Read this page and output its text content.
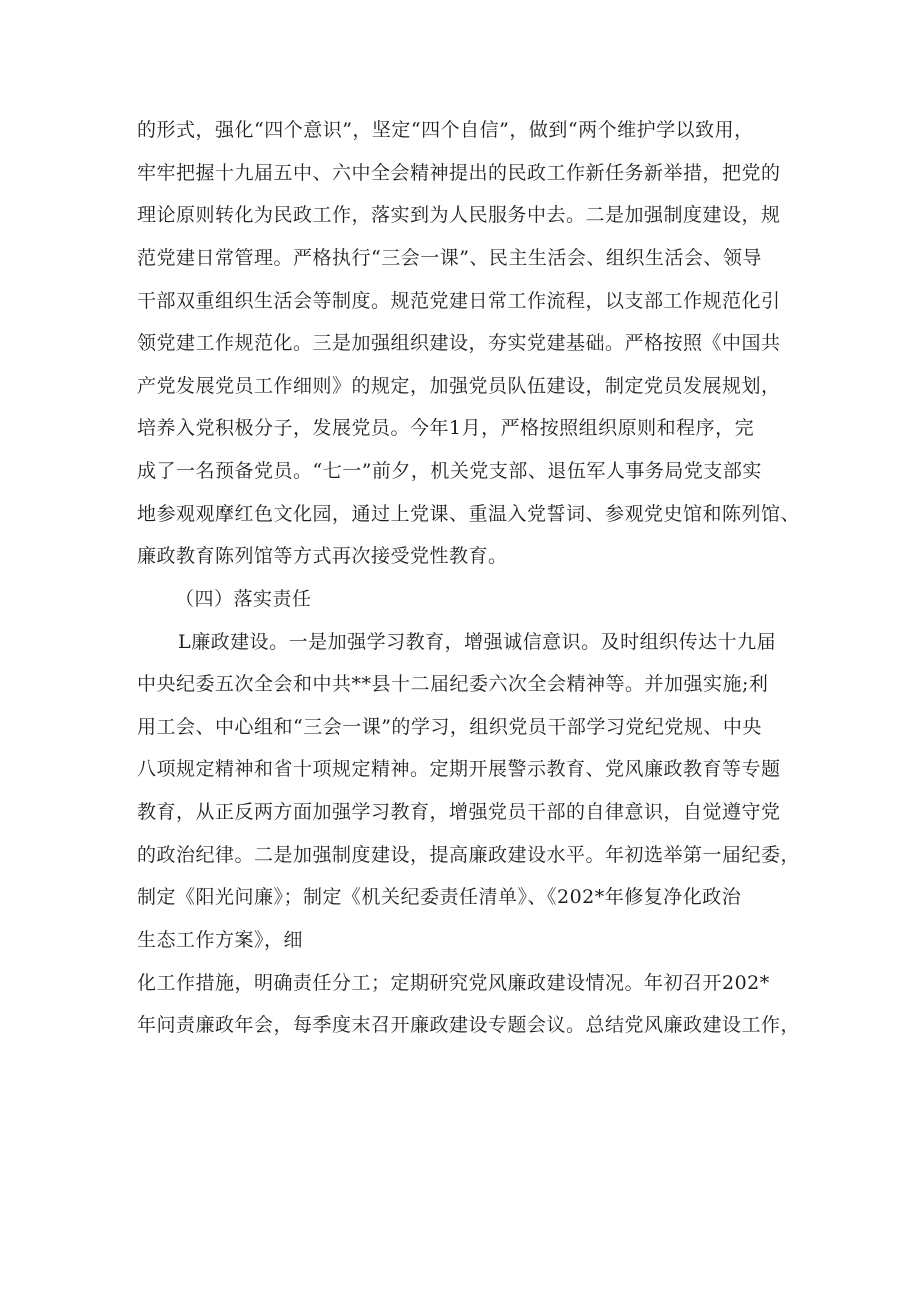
的形式，强化“四个意识”，坚定“四个自信”，做到“两个维护学以致用，
牢牢把握十九届五中、六中全会精神提出的民政工作新任务新举措，把党的
理论原则转化为民政工作，落实到为人民服务中去。二是加强制度建设，规
范党建日常管理。严格执行“三会一课”、民主生活会、组织生活会、领导
干部双重组织生活会等制度。规范党建日常工作流程，以支部工作规范化引
领党建工作规范化。三是加强组织建设，夯实党建基础。严格按照《中国共
产党发展党员工作细则》的规定，加强党员队伍建设，制定党员发展规划，
培养入党积极分子，发展党员。今年1月，严格按照组织原则和程序，完
成了一名预备党员。“七一”前夕，机关党支部、退伍军人事务局党支部实
地参观观摩红色文化园，通过上党课、重温入党誓词、参观党史馆和陈列馆、
廉政教育陈列馆等方式再次接受党性教育。
（四）落实责任
L廉政建设。一是加强学习教育，增强诚信意识。及时组织传达十九届
中央纪委五次全会和中共**县十二届纪委六次全会精神等。并加强实施;利
用工会、中心组和“三会一课”的学习，组织党员干部学习党纪党规、中央
八项规定精神和省十项规定精神。定期开展警示教育、党风廉政教育等专题
教育，从正反两方面加强学习教育，增强党员干部的自律意识，自觉遵守党
的政治纪律。二是加强制度建设，提高廉政建设水平。年初选举第一届纪委，
制定《阳光问廉》；制定《机关纪委责任清单》、《202*年修复净化政治
生态工作方案》，细
化工作措施，明确责任分工；定期研究党风廉政建设情况。年初召开202*
年问责廉政年会，每季度末召开廉政建设专题会议。总结党风廉政建设工作，
